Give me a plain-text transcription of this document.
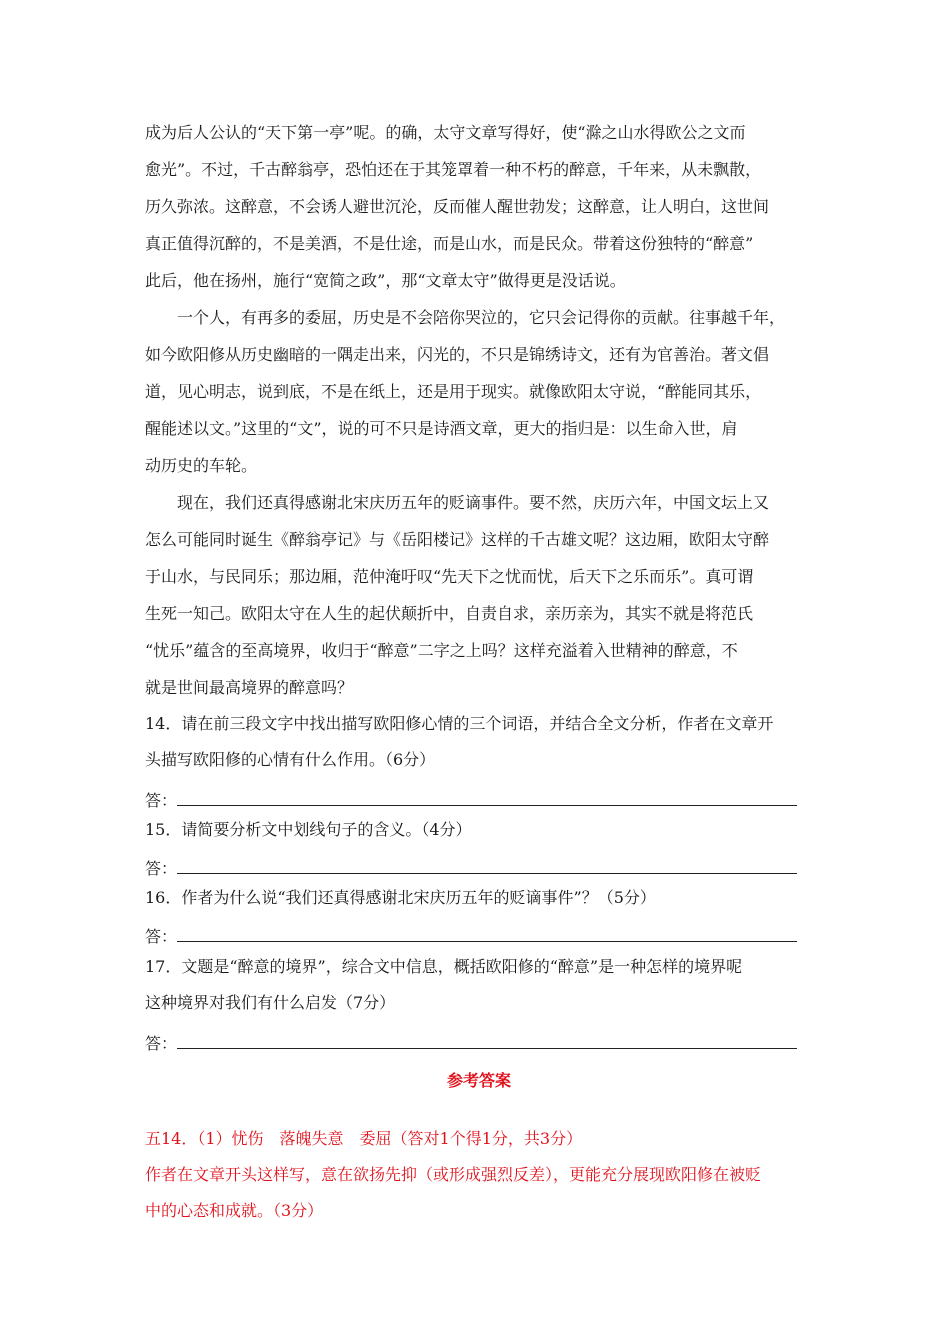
成为后人公认的“天下第一亭”呢。的确，太守文章写得好，使“滁之山水得欧公之文而
愈光”。不过，千古醉翁亭，恐怕还在于其笼罩着一种不朽的醉意，千年来，从未飘散，
历久弥浓。这醉意，不会诱人避世沉沦，反而催人醒世勃发；这醉意，让人明白，这世间
真正值得沉醉的，不是美酒，不是仕途，而是山水，而是民众。带着这份独特的“醉意”
此后，他在扬州，施行“宽简之政”，那“文章太守”做得更是没话说。

一个人，有再多的委屈，历史是不会陪你哭泣的，它只会记得你的贡献。往事越千年，
如今欧阳修从历史幽暗的一隅走出来，闪光的，不只是锦绣诗文，还有为官善治。著文倡
道，见心明志，说到底，不是在纸上，还是用于现实。就像欧阳太守说，“醉能同其乐，
醒能述以文。”这里的“文”，说的可不只是诗酒文章，更大的指归是：以生命入世，肩
动历史的车轮。

现在，我们还真得感谢北宋庆历五年的贬谪事件。要不然，庆历六年，中国文坛上又
怎么可能同时诞生《醉翁亭记》与《岳阳楼记》这样的千古雄文呢？这边厢，欧阳太守醉
于山水，与民同乐；那边厢，范仲淹吁叹“先天下之忧而忧，后天下之乐而乐”。真可谓
生死一知己。欧阳太守在人生的起伏颠折中，自责自求，亲历亲为，其实不就是将范氏
“忧乐”蕴含的至高境界，收归于“醉意”二字之上吗？这样充溢着入世精神的醉意，不
就是世间最高境界的醉意吗？

14．请在前三段文字中找出描写欧阳修心情的三个词语，并结合全文分析，作者在文章开
头描写欧阳修的心情有什么作用。（6分）

答：

15．请简要分析文中划线句子的含义。（4分）

答：

16．作者为什么说“我们还真得感谢北宋庆历五年的贬谪事件”？（5分）

答：

17．文题是“醉意的境界”，综合文中信息，概括欧阳修的“醉意”是一种怎样的境界呢
这种境界对我们有什么启发（7分）

答：
参考答案

五14．（1）忧伤　落魄失意　委屈（答对1个得1分，共3分）
作者在文章开头这样写，意在欲扬先抑（或形成强烈反差），更能充分展现欧阳修在被贬
中的心态和成就。（3分）
